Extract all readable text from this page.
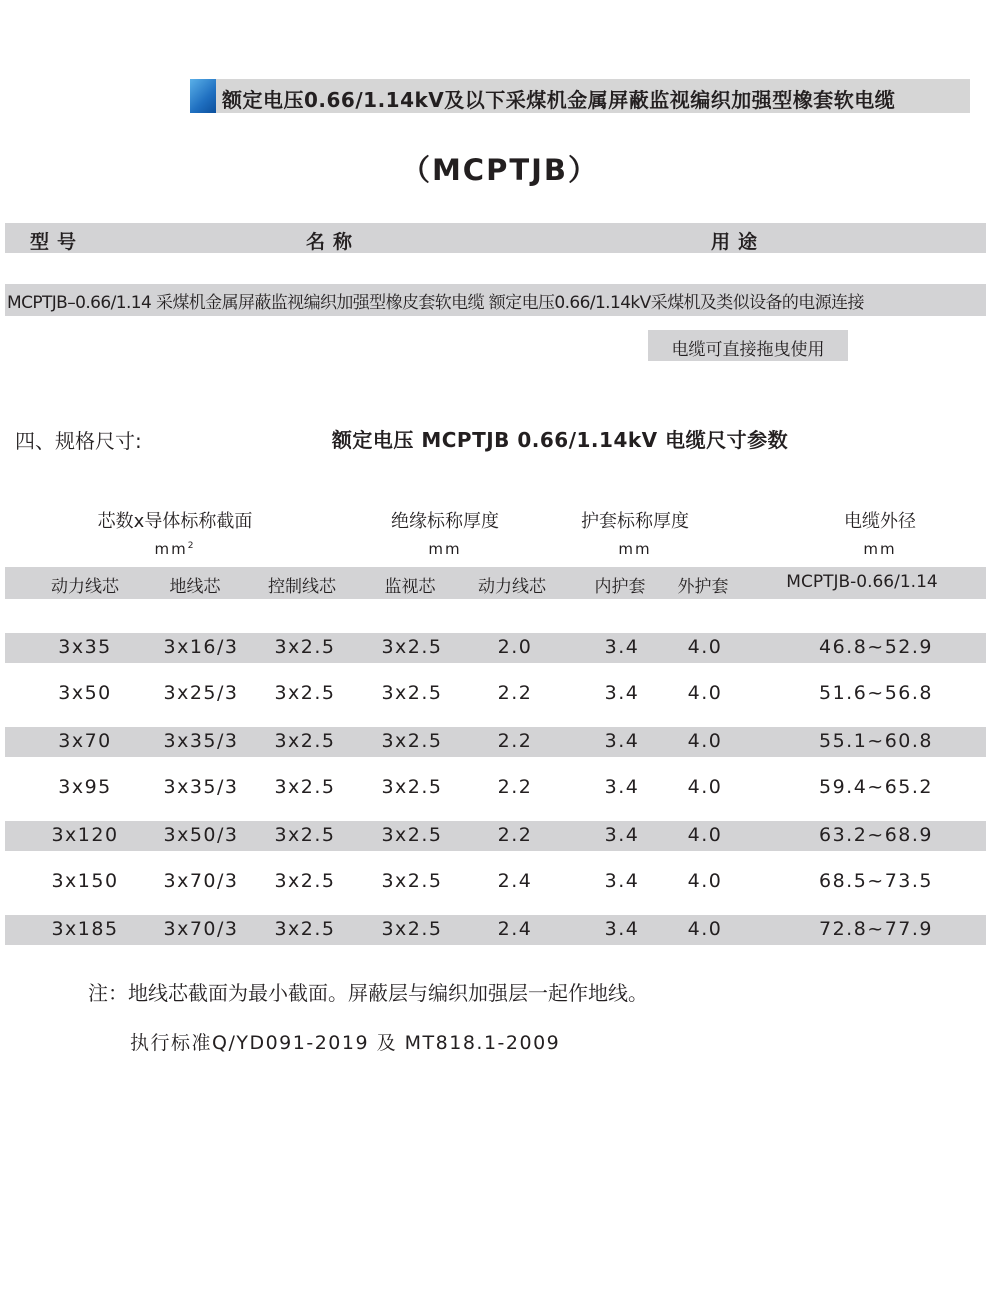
额定电压0.66/1.14kV及以下采煤机金属屏蔽监视编织加强型橡套软电缆
（MCPTJB）
型号	名称	用途
MCPTJB–0.66/1.14 采煤机金属屏蔽监视编织加强型橡皮套软电缆 额定电压0.66/1.14kV采煤机及类似设备的电源连接
电缆可直接拖曳使用
四、规格尺寸:	额定电压 MCPTJB 0.66/1.14kV 电缆尺寸参数
芯数x导体标称截面
$mm^2$
绝缘标称厚度
mm
护套标称厚度
mm
电缆外径
mm
动力线芯	地线芯	控制线芯	监视芯	动力线芯	内护套	外护套	MCPTJB-0.66/1.14
3x35	3x16/3	3x2.5	3x2.5	2.0	3.4	4.0	46.8~52.9
3x50	3x25/3	3x2.5	3x2.5	2.2	3.4	4.0	51.6~56.8
3x70	3x35/3	3x2.5	3x2.5	2.2	3.4	4.0	55.1~60.8
3x95	3x35/3	3x2.5	3x2.5	2.2	3.4	4.0	59.4~65.2
3x120	3x50/3	3x2.5	3x2.5	2.2	3.4	4.0	63.2~68.9
3x150	3x70/3	3x2.5	3x2.5	2.4	3.4	4.0	68.5~73.5
3x185	3x70/3	3x2.5	3x2.5	2.4	3.4	4.0	72.8~77.9
注：地线芯截面为最小截面。屏蔽层与编织加强层一起作地线。
执行标准Q/YD091-2019 及 MT818.1-2009
